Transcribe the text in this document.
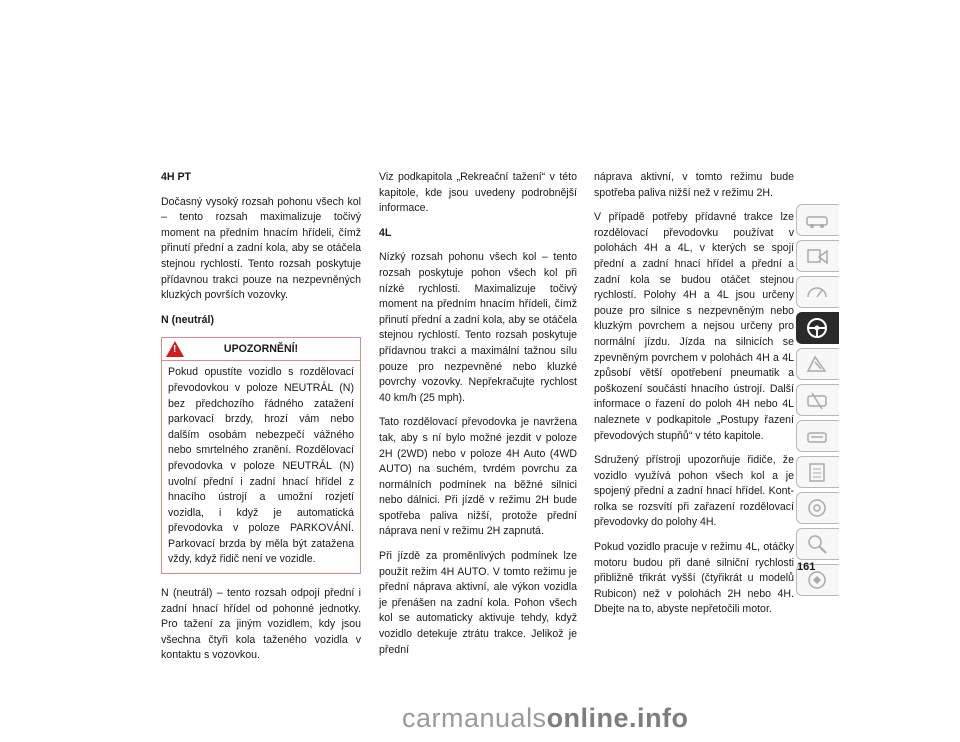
4H PT

Dočasný vysoký rozsah pohonu všech kol – tento rozsah maximalizuje točivý moment na předním hnacím hřídeli, čímž přinutí přední a zadní kola, aby se otáčela stejnou rychlostí. Tento rozsah poskytuje přídavnou trakci pouze na nezpevněných kluzkých površích vozovky.

N (neutrál)
!	UPOZORNĚNÍ!
Pokud opustíte vozidlo s rozdělovací převodovkou v poloze NEUTRÁL (N) bez předchozího řádného zatažení parkovací brzdy, hrozí vám nebo dalším osobám nebezpečí vážného nebo smrtelného zranění. Rozdělovací převodovka v poloze NEUTRÁL (N) uvolní přední i zadní hnací hřídel z hnacího ústrojí a umožní rozjetí vozidla, i když je automatická převodovka v poloze PARKOVÁNÍ. Parkovací brzda by měla být zatažena vždy, když řidič není ve vozidle.

N (neutrál) – tento rozsah odpojí přední i zadní hnací hřídel od pohonné jednotky. Pro tažení za jiným vozidlem, kdy jsou všechna čtyři kola taženého vozidla v kontaktu s vozovkou.

Viz podkapitola „Rekreační tažení“ v této kapitole, kde jsou uvedeny podrobnější informace.

4L

Nízký rozsah pohonu všech kol – tento rozsah poskytuje pohon všech kol při nízké rychlosti. Maximalizuje točivý moment na předním hnacím hřídeli, čímž přinutí přední a zadní kola, aby se otáčela stejnou rychlostí. Tento rozsah poskytuje přídavnou trakci a maximální tažnou sílu pouze pro nezpevněné nebo kluzké povrchy vozovky. Nepřekračujte rychlost 40 km/h (25 mph).

Tato rozdělovací převodovka je navržena tak, aby s ní bylo možné jezdit v poloze 2H (2WD) nebo v poloze 4H Auto (4WD AUTO) na suchém, tvrdém povrchu za normálních podmínek na běžné silnici nebo dálnici. Při jízdě v režimu 2H bude spotřeba paliva nižší, protože přední náprava není v režimu 2H zapnutá.

Při jízdě za proměnlivých podmínek lze použít režim 4H AUTO. V tomto režimu je přední náprava aktivní, ale výkon vozidla je přenášen na zadní kola. Pohon všech kol se automaticky aktivuje tehdy, když vozidlo detekuje ztrátu trakce. Jelikož je přední

náprava aktivní, v tomto režimu bude spotřeba paliva nižší než v režimu 2H.

V případě potřeby přídavné trakce lze rozdělovací převodovku používat v polohách 4H a 4L, v kterých se spojí přední a zadní hnací hřídel a přední a zadní kola se budou otáčet stejnou rychlostí. Polohy 4H a 4L jsou určeny pouze pro silnice s nezpevněným nebo kluzkým povrchem a nejsou určeny pro normální jízdu. Jízda na silnicích se zpevněným povrchem v polohách 4H a 4L způsobí větší opotřebení pneumatik a poškození součástí hnacího ústrojí. Další informace o řazení do poloh 4H nebo 4L naleznete v podkapitole „Postupy řazení převodových stupňů“ v této kapitole.

Sdružený přístroji upozorňuje řidiče, že vozidlo využívá pohon všech kol a je spojený přední a zadní hnací hřídel. Kontrolka se rozsvítí při zařazení rozdělovací převodovky do polohy 4H.

Pokud vozidlo pracuje v režimu 4L, otáčky motoru budou při dané silniční rychlosti přibližně třikrát vyšší (čtyřikrát u modelů Rubicon) než v polohách 2H nebo 4H. Dbejte na to, abyste nepřetočili motor.

161
carmanualsonline.info
